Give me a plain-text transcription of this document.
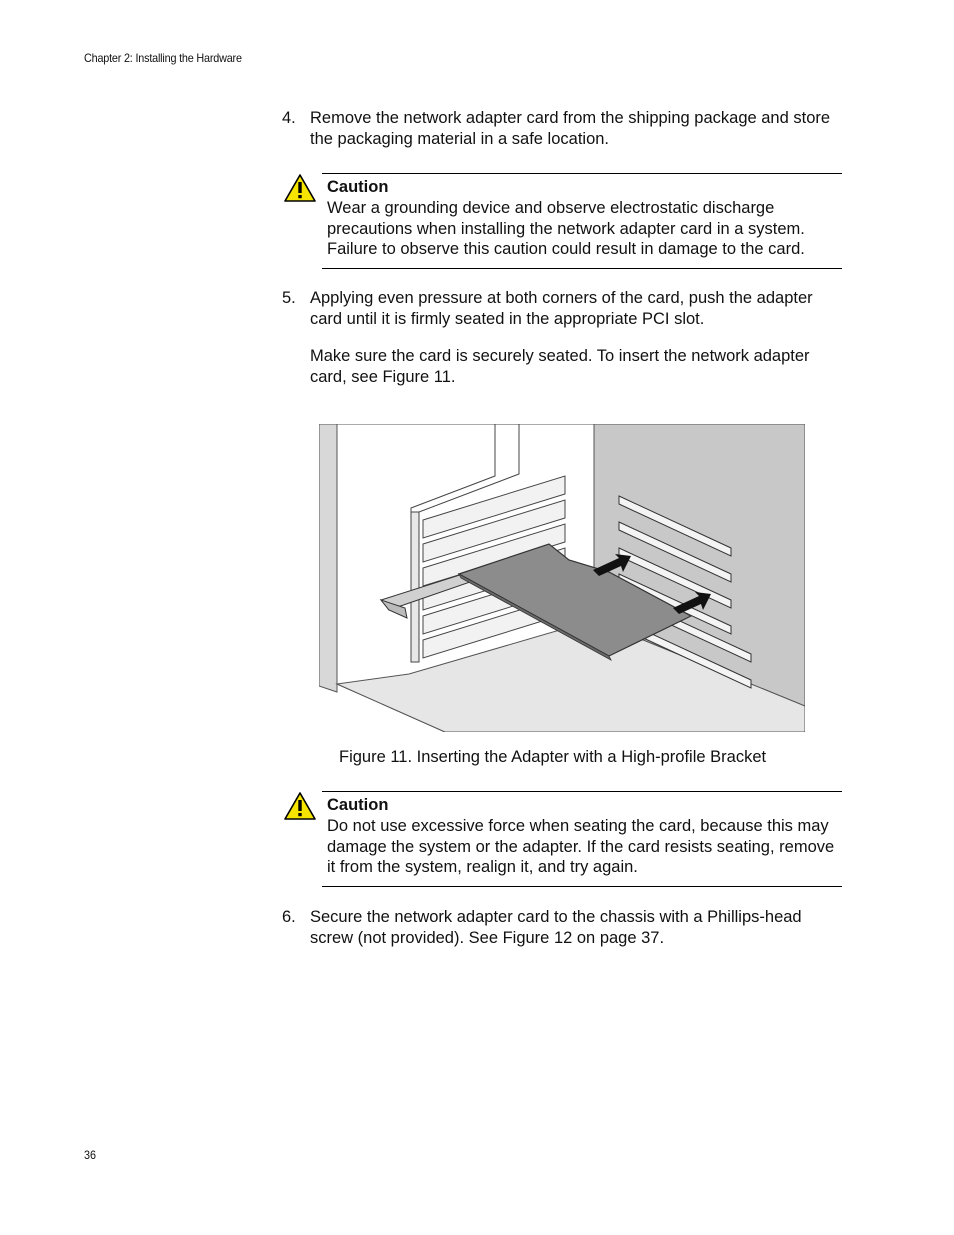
Chapter 2: Installing the Hardware
4. Remove the network adapter card from the shipping package and store the packaging material in a safe location.
Caution
Wear a grounding device and observe electrostatic discharge precautions when installing the network adapter card in a system. Failure to observe this caution could result in damage to the card.
5. Applying even pressure at both corners of the card, push the adapter card until it is firmly seated in the appropriate PCI slot.
Make sure the card is securely seated. To insert the network adapter card, see Figure 11.
Figure 11. Inserting the Adapter with a High-profile Bracket
Caution
Do not use excessive force when seating the card, because this may damage the system or the adapter. If the card resists seating, remove it from the system, realign it, and try again.
6. Secure the network adapter card to the chassis with a Phillips-head screw (not provided). See Figure 12 on page 37.
36
